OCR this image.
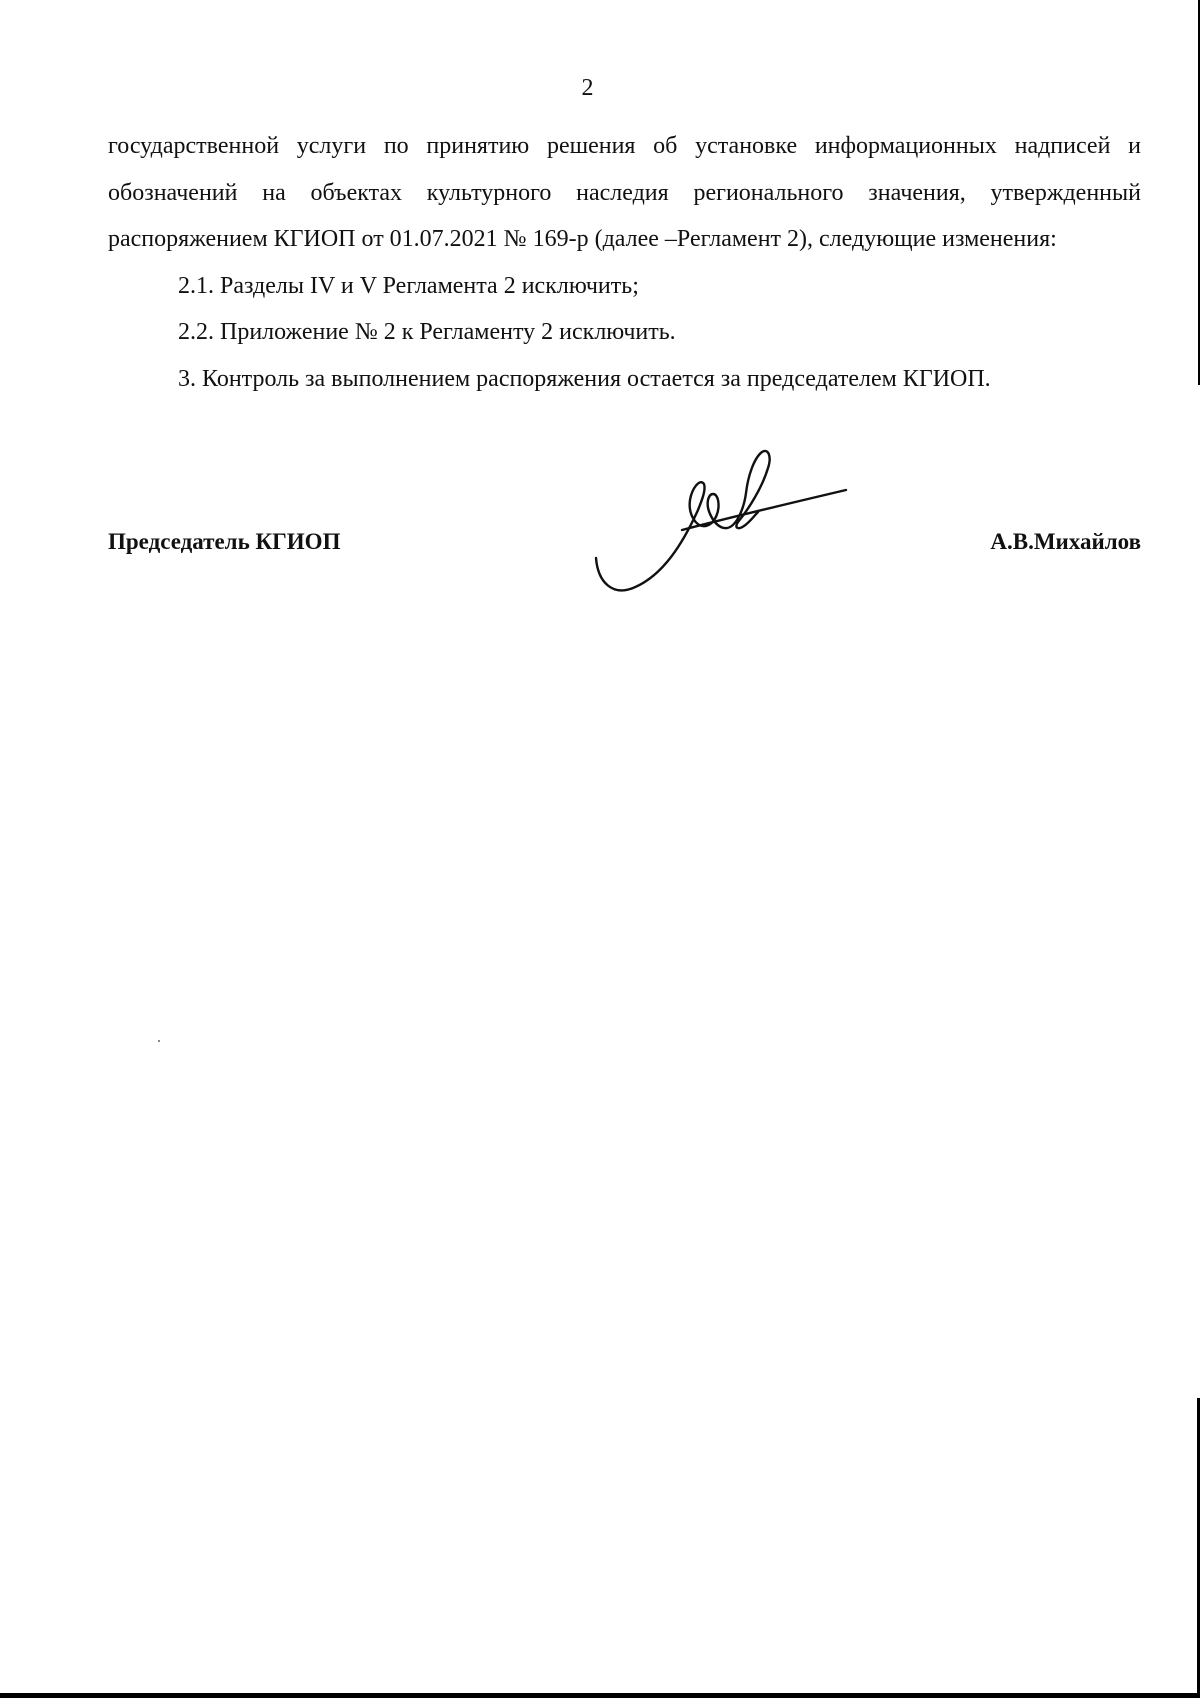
2

государственной услуги по принятию решения об установке информационных надписей и обозначений на объектах культурного наследия регионального значения, утвержденный распоряжением КГИОП от 01.07.2021 № 169-р (далее –Регламент 2), следующие изменения:

2.1. Разделы IV и V Регламента 2 исключить;

2.2. Приложение № 2 к Регламенту 2 исключить.

3. Контроль за выполнением распоряжения остается за председателем КГИОП.

Председатель КГИОП	А.В.Михайлов
